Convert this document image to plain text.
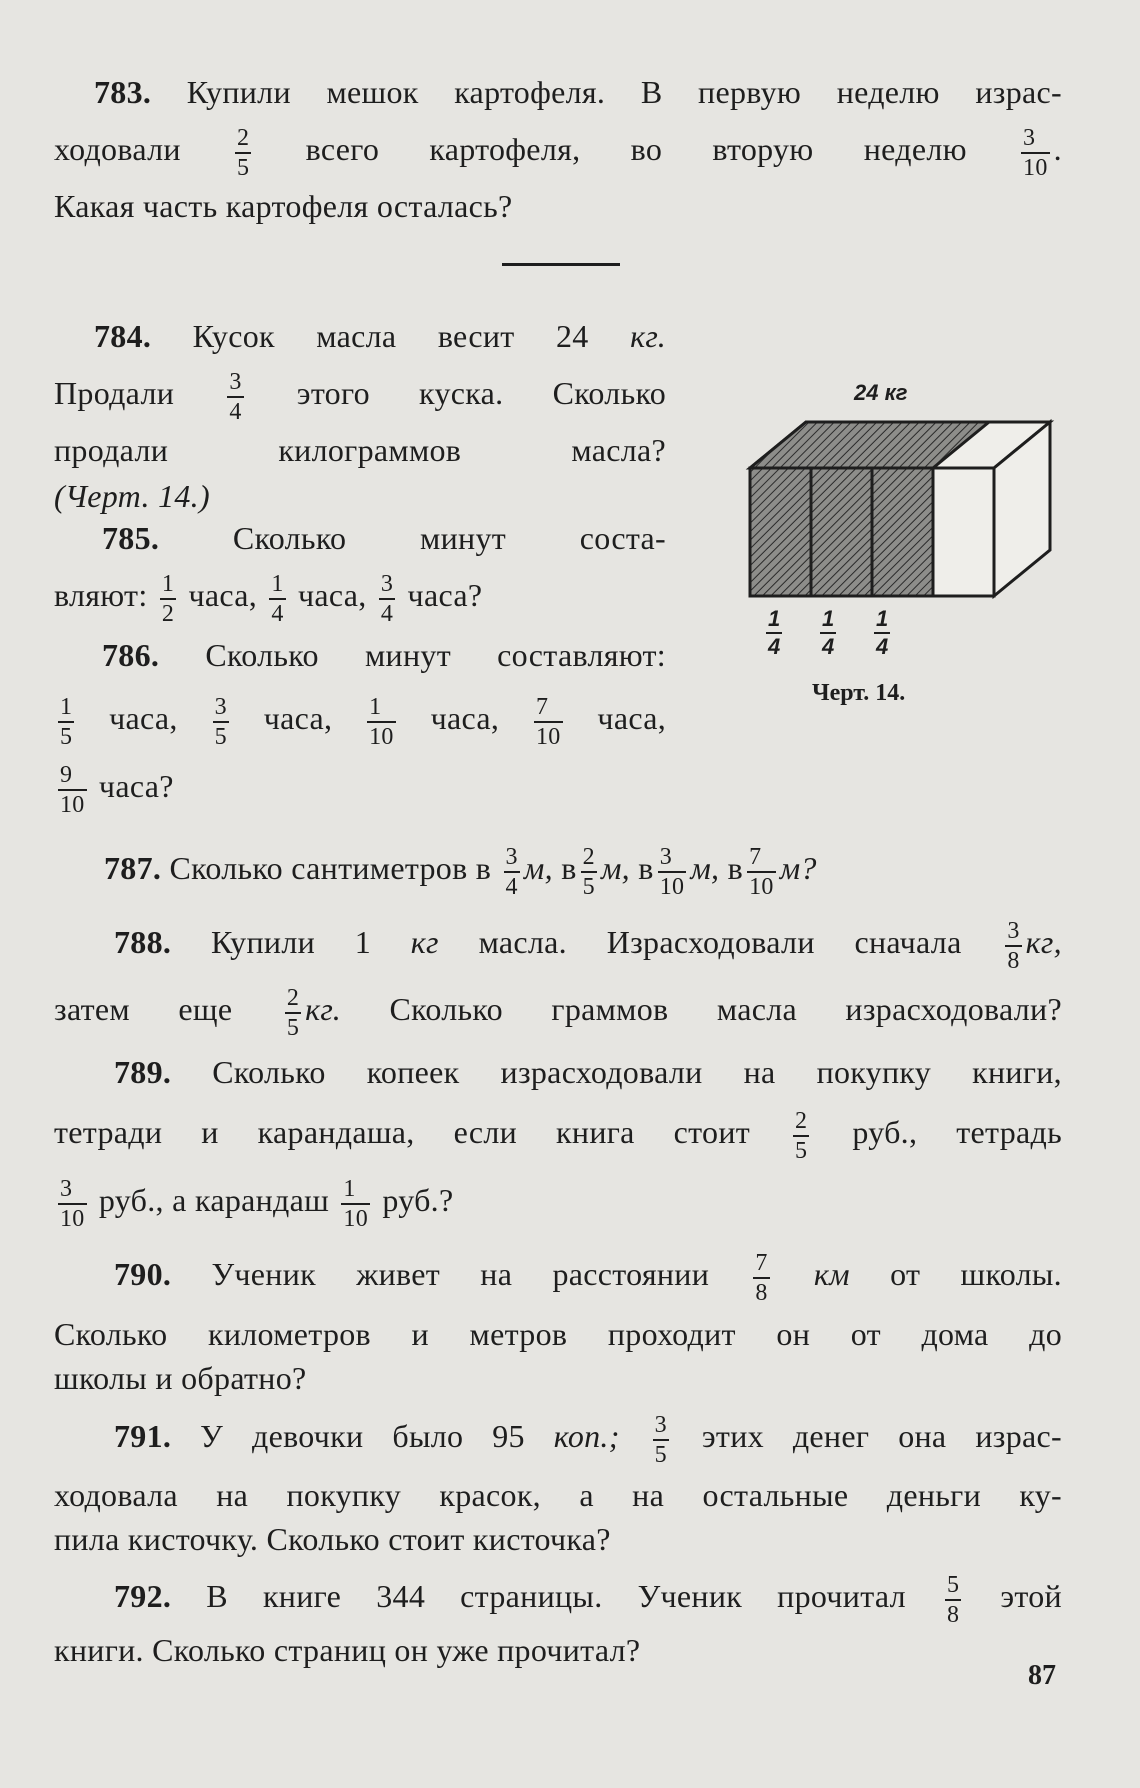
783. Купили мешок картофеля. В первую неделю израс-

ходовали $\frac{2}{5}$ всего картофеля, во вторую неделю $\frac{3}{10}$ .

Какая часть картофеля осталась?

784. Кусок масла весит 24 кг.

Продали $\frac{3}{4}$ этого куска. Сколько

продали килограммов масла?

(Черт. 14.)

785. Сколько минут соста-

вляют: $\frac{1}{2}$ часа, $\frac{1}{4}$ часа, $\frac{3}{4}$ часа?

786. Сколько минут составляют:

$\frac{1}{5}$ часа, $\frac{3}{5}$ часа, $\frac{1}{10}$ часа, $\frac{7}{10}$ часа,

$\frac{9}{10}$ часа?

24 кг
$\frac{1}{4} \frac{1}{4} \frac{1}{4}$
Черт. 14.

787. Сколько сантиметров в $\frac{3}{4} м$, в $\frac{2}{5} м$, в $\frac{3}{10} м$, в $\frac{7}{10} м$?

788. Купили 1 кг масла. Израсходовали сначала $\frac{3}{8}$ кг,

затем еще $\frac{2}{5}$ кг. Сколько граммов масла израсходовали?

789. Сколько копеек израсходовали на покупку книги,

тетради и карандаша, если книга стоит $\frac{2}{5}$ руб., тетрадь

$\frac{3}{10}$ руб., а карандаш $\frac{1}{10}$ руб.?

790. Ученик живет на расстоянии $\frac{7}{8}$ км от школы.

Сколько километров и метров проходит он от дома до

школы и обратно?

791. У девочки было 95 коп.; $\frac{3}{5}$ этих денег она израс-

ходовала на покупку красок, а на остальные деньги ку-

пила кисточку. Сколько стоит кисточка?

792. В книге 344 страницы. Ученик прочитал $\frac{5}{8}$ этой

книги. Сколько страниц он уже прочитал?

87
